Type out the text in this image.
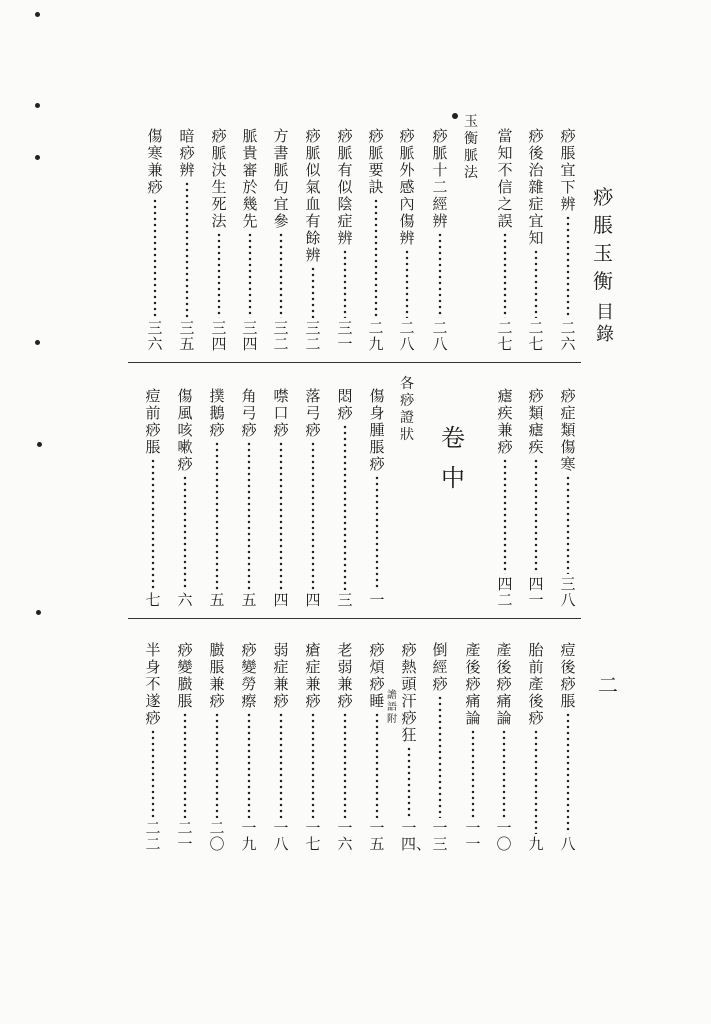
痧脹玉衡
目錄
二
玉衡脈法
痧脹宜下辨
二六
痧後治雜症宜知
二七
當知不信之誤
二七
痧脈十二經辨
二八
痧脈外感內傷辨
二八
痧脈要訣
二九
痧脈有似陰症辨
三一
痧脈似氣血有餘辨
三二
方書脈句宜參
三二
脈貴審於幾先
三四
痧脈決生死法
三四
暗痧辨
三五
傷寒兼痧
三六
卷中
各痧證狀
痧症類傷寒
三八
痧類瘧疾
四一
瘧疾兼痧
四二
傷身腫脹痧
一
悶痧
三
落弓痧
四
噤口痧
四
角弓痧
五
撲鵝痧
五
傷風咳嗽痧
六
痘前痧脹
七
痘後痧脹
八
胎前產後痧
九
產後痧痛論
一〇
產後痧痛論
一一
倒經痧
一三
痧熱頭汗痧狂
一四、
痧煩痧睡
一五
老弱兼痧
一六
瘡症兼痧
一七
弱症兼痧
一八
痧變勞瘵
一九
臌脹兼痧
二〇
痧變臌脹
二一
半身不遂痧
二二
譫語附
